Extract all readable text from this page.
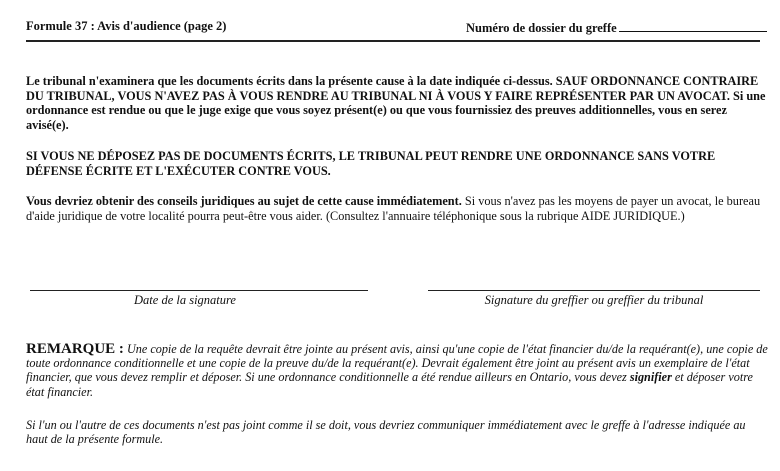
Formule 37 : Avis d'audience (page 2)	Numéro de dossier du greffe
Le tribunal n'examinera que les documents écrits dans la présente cause à la date indiquée ci-dessus. SAUF ORDONNANCE CONTRAIRE DU TRIBUNAL, VOUS N'AVEZ PAS À VOUS RENDRE AU TRIBUNAL NI À VOUS Y FAIRE REPRÉSENTER PAR UN AVOCAT. Si une ordonnance est rendue ou que le juge exige que vous soyez présent(e) ou que vous fournissiez des preuves additionnelles, vous en serez avisé(e).
SI VOUS NE DÉPOSEZ PAS DE DOCUMENTS ÉCRITS, LE TRIBUNAL PEUT RENDRE UNE ORDONNANCE SANS VOTRE DÉFENSE ÉCRITE ET L'EXÉCUTER CONTRE VOUS.
Vous devriez obtenir des conseils juridiques au sujet de cette cause immédiatement. Si vous n'avez pas les moyens de payer un avocat, le bureau d'aide juridique de votre localité pourra peut-être vous aider. (Consultez l'annuaire téléphonique sous la rubrique AIDE JURIDIQUE.)
Date de la signature	Signature du greffier ou greffier du tribunal
REMARQUE : Une copie de la requête devrait être jointe au présent avis, ainsi qu'une copie de l'état financier du/de la requérant(e), une copie de toute ordonnance conditionnelle et une copie de la preuve du/de la requérant(e). Devrait également être joint au présent avis un exemplaire de l'état financier, que vous devez remplir et déposer. Si une ordonnance conditionnelle a été rendue ailleurs en Ontario, vous devez signifier et déposer votre état financier.
Si l'un ou l'autre de ces documents n'est pas joint comme il se doit, vous devriez communiquer immédiatement avec le greffe à l'adresse indiquée au haut de la présente formule.
